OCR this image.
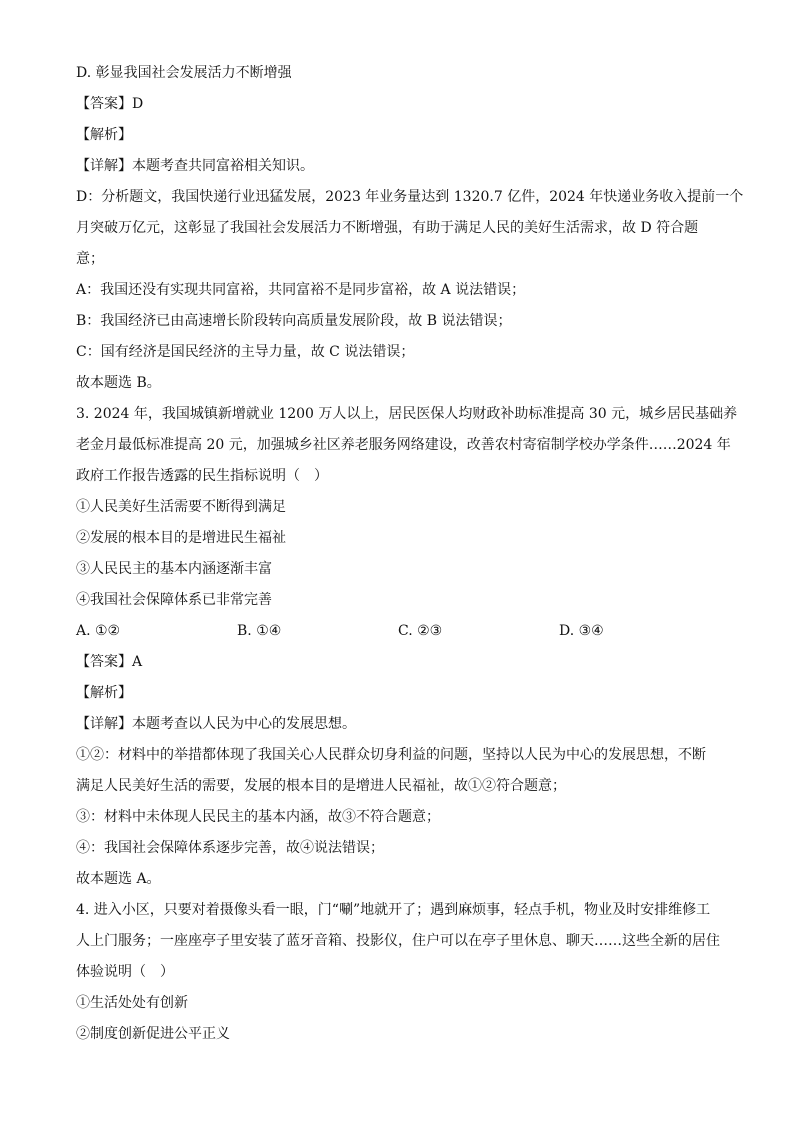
D. 彰显我国社会发展活力不断增强
【答案】D
【解析】
【详解】本题考查共同富裕相关知识。
D：分析题文，我国快递行业迅猛发展，2023 年业务量达到 1320.7 亿件，2024 年快递业务收入提前一个
月突破万亿元，这彰显了我国社会发展活力不断增强，有助于满足人民的美好生活需求，故 D 符合题
意；
A：我国还没有实现共同富裕，共同富裕不是同步富裕，故 A 说法错误；
B：我国经济已由高速增长阶段转向高质量发展阶段，故 B 说法错误；
C：国有经济是国民经济的主导力量，故 C 说法错误；
故本题选 B。
3. 2024 年，我国城镇新增就业 1200 万人以上，居民医保人均财政补助标准提高 30 元，城乡居民基础养
老金月最低标准提高 20 元，加强城乡社区养老服务网络建设，改善农村寄宿制学校办学条件……2024 年
政府工作报告透露的民生指标说明（　）
①人民美好生活需要不断得到满足
②发展的根本目的是增进民生福祉
③人民民主的基本内涵逐渐丰富
④我国社会保障体系已非常完善
A. ①②	B. ①④	C. ②③	D. ③④
【答案】A
【解析】
【详解】本题考查以人民为中心的发展思想。
①②：材料中的举措都体现了我国关心人民群众切身利益的问题，坚持以人民为中心的发展思想，不断
满足人民美好生活的需要，发展的根本目的是增进人民福祉，故①②符合题意；
③：材料中未体现人民民主的基本内涵，故③不符合题意；
④：我国社会保障体系逐步完善，故④说法错误；
故本题选 A。
4. 进入小区，只要对着摄像头看一眼，门“唰”地就开了；遇到麻烦事，轻点手机，物业及时安排维修工
人上门服务；一座座亭子里安装了蓝牙音箱、投影仪，住户可以在亭子里休息、聊天……这些全新的居住
体验说明（　）
①生活处处有创新
②制度创新促进公平正义
